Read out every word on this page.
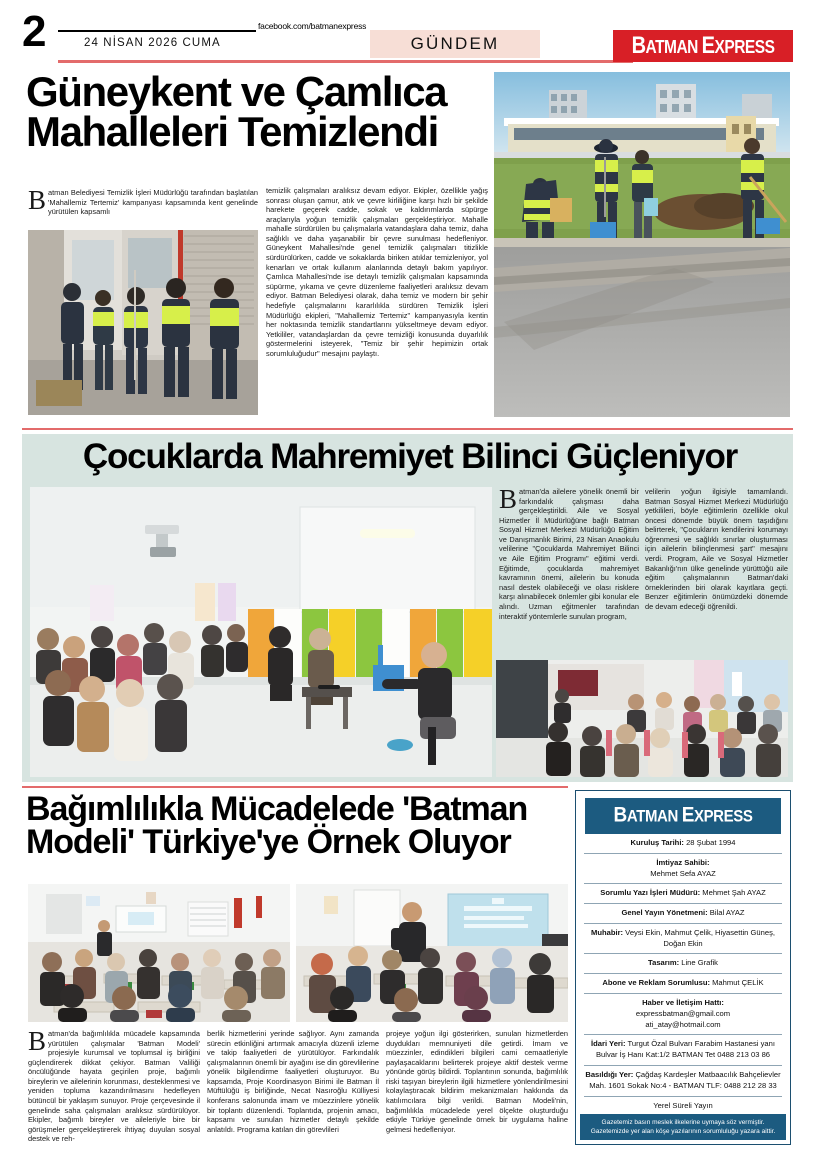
2	facebook.com/batmanexpress
24 NİSAN 2026 CUMA	GÜNDEM	BATMAN EXPRESS
Güneykent ve Çamlıca Mahalleleri Temizlendi
Batman Belediyesi Temizlik İşleri Müdürlüğü tarafından başlatılan 'Mahallemiz Tertemiz' kampanyası kapsamında kent genelinde yürütülen kapsamlı
temizlik çalışmaları aralıksız devam ediyor. Ekipler, özellikle yağış sonrası oluşan çamur, atık ve çevre kirliliğine karşı hızlı bir şekilde harekete geçerek cadde, sokak ve kaldırımlarda süpürge araçlarıyla yoğun temizlik çalışmaları gerçekleştiriyor. Mahalle mahalle sürdürülen bu çalışmalarla vatandaşlara daha temiz, daha sağlıklı ve daha yaşanabilir bir çevre sunulması hedefleniyor. Güneykent Mahallesi'nde genel temizlik çalışmaları titizlikle sürdürülürken, cadde ve sokaklarda biriken atıklar temizleniyor, yol kenarları ve ortak kullanım alanlarında detaylı bakım yapılıyor. Çamlıca Mahallesi'nde ise detaylı temizlik çalışmaları kapsamında süpürme, yıkama ve çevre düzenleme faaliyetleri aralıksız devam ediyor. Batman Belediyesi olarak, daha temiz ve modern bir şehir hedefiyle çalışmalarını kararlılıkla sürdüren Temizlik İşleri Müdürlüğü ekipleri, "Mahallemiz Tertemiz" kampanyasıyla kentin her noktasında temizlik standartlarını yükseltmeye devam ediyor. Yetkililer, vatandaşlardan da çevre temizliği konusunda duyarlılık göstermelerini isteyerek, "Temiz bir şehir hepimizin ortak sorumluluğudur" mesajını paylaştı.
Çocuklarda Mahremiyet Bilinci Güçleniyor
Batman'da ailelere yönelik önemli bir farkındalık çalışması daha gerçekleştirildi. Aile ve Sosyal Hizmetler İl Müdürlüğüne bağlı Batman Sosyal Hizmet Merkezi Müdürlüğü Eğitim ve Danışmanlık Birimi, 23 Nisan Anaokulu velilerine "Çocuklarda Mahremiyet Bilinci ve Aile Eğitim Programı" eğitimi verdi. Eğitimde, çocuklarda mahremiyet kavramının önemi, ailelerin bu konuda nasıl destek olabileceği ve olası risklere karşı alınabilecek önlemler gibi konular ele alındı. Uzman eğitmenler tarafından interaktif yöntemlerle sunulan program,
velilerin yoğun ilgisiyle tamamlandı. Batman Sosyal Hizmet Merkezi Müdürlüğü yetkilileri, böyle eğitimlerin özellikle okul öncesi dönemde büyük önem taşıdığını belirterek, "Çocukların kendilerini korumayı öğrenmesi ve sağlıklı sınırlar oluşturması için ailelerin bilinçlenmesi şart" mesajını verdi. Program, Aile ve Sosyal Hizmetler Bakanlığı'nın ülke genelinde yürüttüğü aile eğitim çalışmalarının Batman'daki örneklerinden biri olarak kayıtlara geçti. Benzer eğitimlerin önümüzdeki dönemde de devam edeceği öğrenildi.
Bağımlılıkla Mücadelede 'Batman Modeli' Türkiye'ye Örnek Oluyor
Batman'da bağımlılıkla mücadele kapsamında yürütülen çalışmalar 'Batman Modeli' projesiyle kurumsal ve toplumsal iş birliğini güçlendirerek dikkat çekiyor. Batman Valiliği öncülüğünde hayata geçirilen proje, bağımlı bireylerin ve ailelerinin korunması, desteklenmesi ve yeniden topluma kazandırılmasını hedefleyen bütüncül bir yaklaşım sunuyor. Proje çerçevesinde il genelinde saha çalışmaları aralıksız sürdürülüyor. Ekipler, bağımlı bireyler ve aileleriyle bire bir görüşmeler gerçekleştirerek ihtiyaç duyulan sosyal destek ve reh-
berlik hizmetlerini yerinde sağlıyor. Aynı zamanda sürecin etkinliğini artırmak amacıyla düzenli izleme ve takip faaliyetleri de yürütülüyor. Farkındalık çalışmalarının önemli bir ayağını ise din görevlilerine yönelik bilgilendirme faaliyetleri oluşturuyor. Bu kapsamda, Proje Koordinasyon Birimi ile Batman İl Müftülüğü iş birliğinde, Necat Nasıroğlu Külliyesi konferans salonunda imam ve müezzinlere yönelik bir toplantı düzenlendi. Toplantıda, projenin amacı, kapsamı ve sunulan hizmetler detaylı şekilde anlatıldı. Programa katılan din görevlileri
projeye yoğun ilgi gösterirken, sunulan hizmetlerden duydukları memnuniyeti dile getirdi. İmam ve müezzinler, edindikleri bilgileri cami cemaatleriyle paylaşacaklarını belirterek projeye aktif destek verme yönünde görüş bildirdi. Toplantının sonunda, bağımlılık riski taşıyan bireylerin ilgili hizmetlere yönlendirilmesini kolaylaştıracak bildirim mekanizmaları hakkında da katılımcılara bilgi verildi. Batman Modeli'nin, bağımlılıkla mücadelede yerel ölçekte oluşturduğu etkiyle Türkiye genelinde örnek bir uygulama haline gelmesi hedefleniyor.
BATMAN EXPRESS
Kuruluş Tarihi: 28 Şubat 1994
İmtiyaz Sahibi:
Mehmet Sefa AYAZ
Sorumlu Yazı İşleri Müdürü: Mehmet Şah AYAZ
Genel Yayın Yönetmeni: Bilal AYAZ
Muhabir: Veysi Ekin, Mahmut Çelik, Hiyasettin Güneş, Doğan Ekin
Tasarım: Line Grafik
Abone ve Reklam Sorumlusu: Mahmut ÇELİK
Haber ve İletişim Hattı:
expressbatman@gmail.com
ati_atay@hotmail.com
İdari Yeri: Turgut Özal Bulvarı Farabim Hastanesi yanı Bulvar İş Hanı Kat:1/2 BATMAN Tet 0488 213 03 86
Basıldığı Yer: Çağdaş Kardeşler Matbaacılık Bahçelievler Mah. 1601 Sokak No:4 - BATMAN TLF: 0488 212 28 33
Yerel Süreli Yayın
Gazetemiz basın meslek ilkelerine uymaya söz vermiştir.
Gazetemizde yer alan köşe yazılarının sorumluluğu yazara aittir.
